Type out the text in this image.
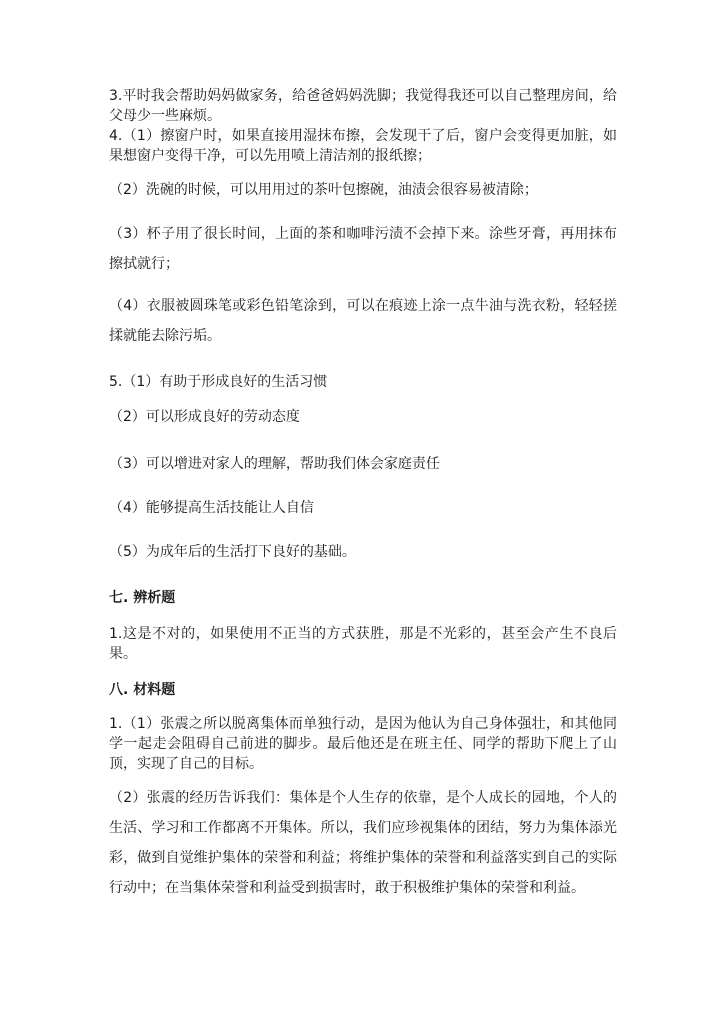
3.平时我会帮助妈妈做家务，给爸爸妈妈洗脚；我觉得我还可以自己整理房间，给父母少一些麻烦。

4.（1）擦窗户时，如果直接用湿抹布擦，会发现干了后，窗户会变得更加脏，如果想窗户变得干净，可以先用喷上清洁剂的报纸擦；

（2）洗碗的时候，可以用用过的茶叶包擦碗，油渍会很容易被清除；

（3）杯子用了很长时间，上面的茶和咖啡污渍不会掉下来。涂些牙膏，再用抹布擦拭就行；

（4）衣服被圆珠笔或彩色铅笔涂到，可以在痕迹上涂一点牛油与洗衣粉，轻轻搓揉就能去除污垢。

5.（1）有助于形成良好的生活习惯

（2）可以形成良好的劳动态度

（3）可以增进对家人的理解，帮助我们体会家庭责任

（4）能够提高生活技能让人自信

（5）为成年后的生活打下良好的基础。

七. 辨析题

1.这是不对的，如果使用不正当的方式获胜，那是不光彩的，甚至会产生不良后果。

八. 材料题

1.（1）张震之所以脱离集体而单独行动，是因为他认为自己身体强壮，和其他同学一起走会阻碍自己前进的脚步。最后他还是在班主任、同学的帮助下爬上了山顶，实现了自己的目标。

（2）张震的经历告诉我们：集体是个人生存的依靠，是个人成长的园地，个人的生活、学习和工作都离不开集体。所以，我们应珍视集体的团结，努力为集体添光彩，做到自觉维护集体的荣誉和利益；将维护集体的荣誉和利益落实到自己的实际行动中；在当集体荣誉和利益受到损害时，敢于积极维护集体的荣誉和利益。
